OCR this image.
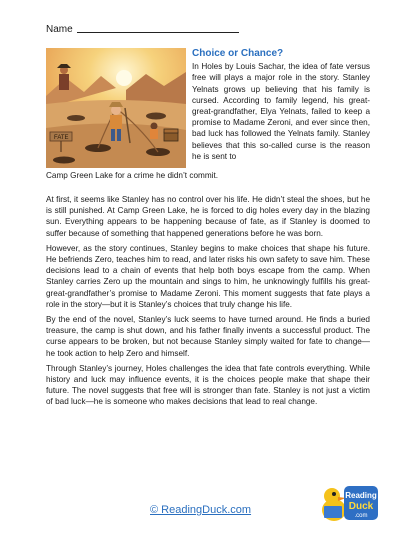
Name
FATE
Choice or Chance?
In Holes by Louis Sachar, the idea of fate versus free will plays a major role in the story. Stanley Yelnats grows up believing that his family is cursed. According to family legend, his great-great-grandfather, Elya Yelnats, failed to keep a promise to Madame Zeroni, and ever since then, bad luck has followed the Yelnats family. Stanley believes that this so-called curse is the reason he is sent to
Camp Green Lake for a crime he didn’t commit.

At first, it seems like Stanley has no control over his life. He didn’t steal the shoes, but he is still punished. At Camp Green Lake, he is forced to dig holes every day in the blazing sun. Everything appears to be happening because of fate, as if Stanley is doomed to suffer because of something that happened generations before he was born.

However, as the story continues, Stanley begins to make choices that shape his future. He befriends Zero, teaches him to read, and later risks his own safety to save him. These decisions lead to a chain of events that help both boys escape from the camp. When Stanley carries Zero up the mountain and sings to him, he unknowingly fulfills his great-great-grandfather’s promise to Madame Zeroni. This moment suggests that fate plays a role in the story—but it is Stanley’s choices that truly change his life.

By the end of the novel, Stanley’s luck seems to have turned around. He finds a buried treasure, the camp is shut down, and his father finally invents a successful product. The curse appears to be broken, but not because Stanley simply waited for fate to change—he took action to help Zero and himself.

Through Stanley’s journey, Holes challenges the idea that fate controls everything. While history and luck may influence events, it is the choices people make that shape their future. The novel suggests that free will is stronger than fate. Stanley is not just a victim of bad luck—he is someone who makes decisions that lead to real change.

© ReadingDuck.com
Reading
Duck
.com
